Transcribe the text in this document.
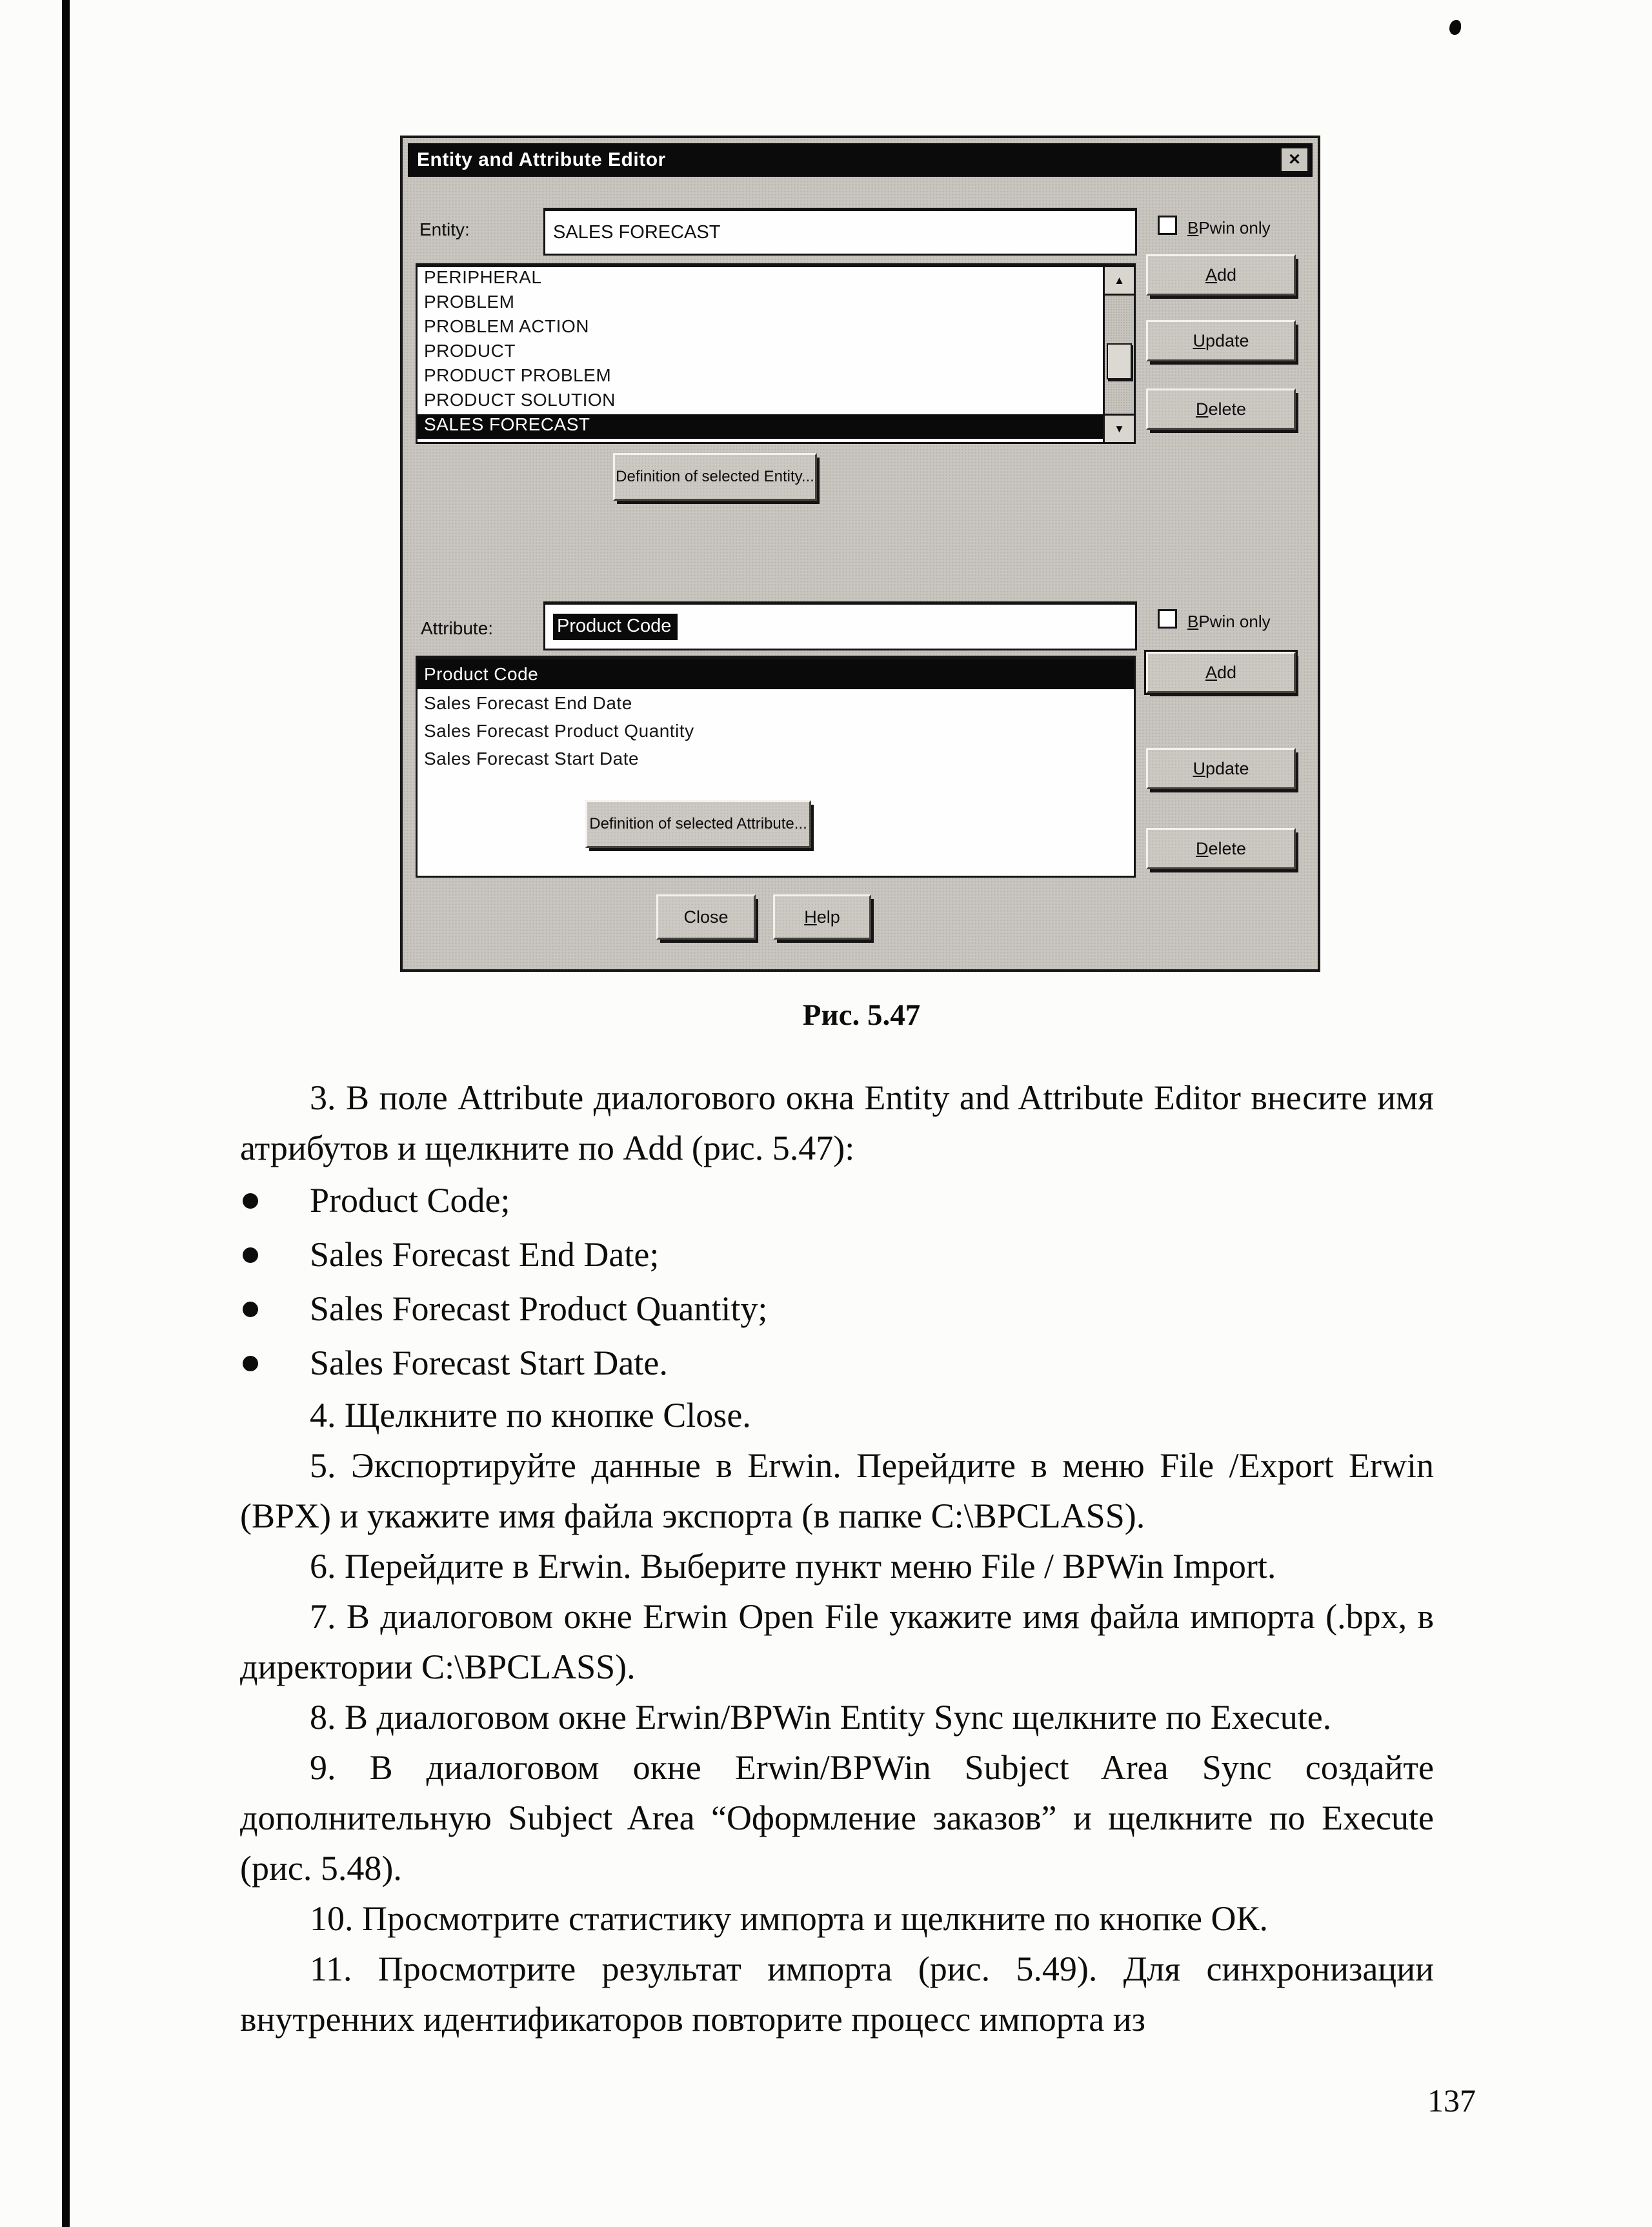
Entity and Attribute Editor	✕
Entity:	SALES FORECAST	BPwin only
PERIPHERAL
PROBLEM
PROBLEM ACTION
PRODUCT
PRODUCT PROBLEM
PRODUCT SOLUTION
SALES FORECAST
▲
▼
Add
Update
Delete
Definition of selected Entity...
Attribute:	Product Code	BPwin only
Product Code
Sales Forecast End Date
Sales Forecast Product Quantity
Sales Forecast Start Date
Add
Update
Delete
Definition of selected Attribute...
Close	Help
Рис. 5.47

3. В поле Attribute диалогового окна Entity and Attribute Editor внесите имя атрибутов и щелкните по Add (рис. 5.47):

Product Code;
Sales Forecast End Date;
Sales Forecast Product Quantity;
Sales Forecast Start Date.

4. Щелкните по кнопке Close.

5. Экспортируйте данные в Erwin. Перейдите в меню File /Export Erwin (BPX) и укажите имя файла экспорта (в папке C:\BPCLASS).

6. Перейдите в Erwin. Выберите пункт меню File / BPWin Import.

7. В диалоговом окне Erwin Open File укажите имя файла импорта (.bpx, в директории C:\BPCLASS).

8. В диалоговом окне Erwin/BPWin Entity Sync щелкните по Execute.

9. В диалоговом окне Erwin/BPWin Subject Area Sync создайте дополнительную Subject Area “Оформление заказов” и щелкните по Execute (рис. 5.48).

10. Просмотрите статистику импорта и щелкните по кнопке ОК.

11. Просмотрите результат импорта (рис. 5.49). Для синхронизации внутренних идентификаторов повторите процесс импорта из

137
